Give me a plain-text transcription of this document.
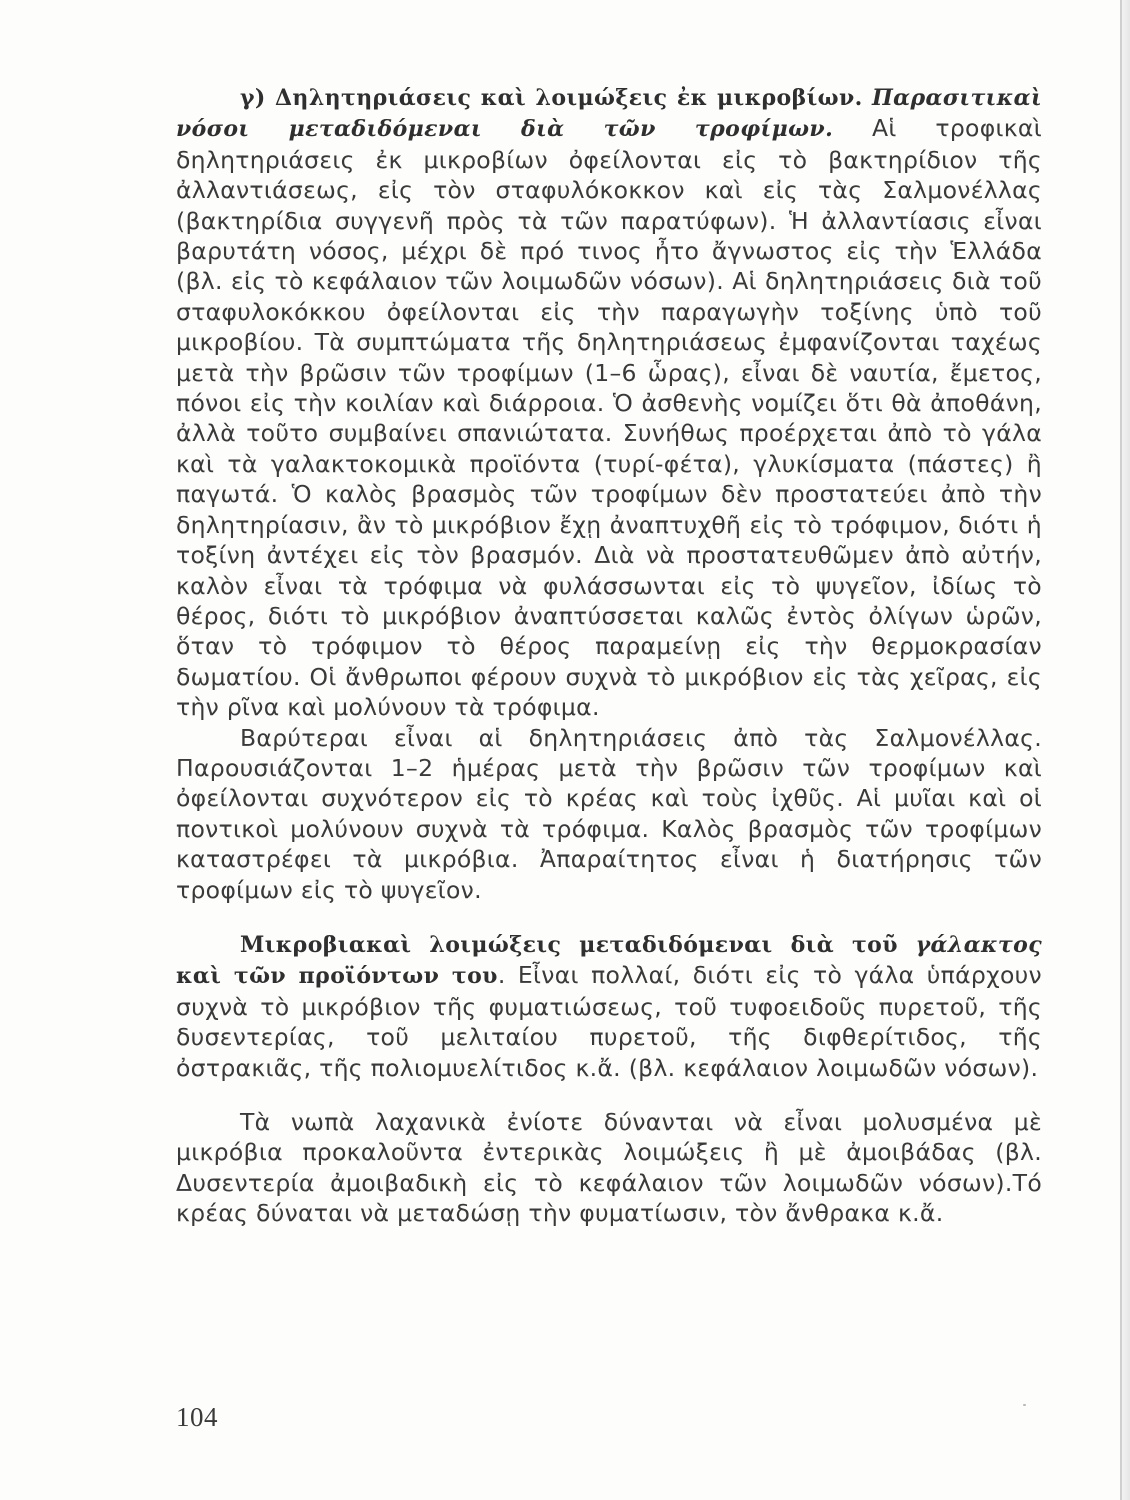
γ) Δηλητηριάσεις καὶ λοιμώξεις ἐκ μικροβίων. Παρασιτικαὶ νόσοι μεταδιδόμεναι διὰ τῶν τροφίμων. Αἱ τροφικαὶ δηλητηριάσεις ἐκ μικροβίων ὀφείλονται εἰς τὸ βακτηρίδιον τῆς ἀλλαντιάσεως, εἰς τὸν σταφυλόκοκκον καὶ εἰς τὰς Σαλμονέλλας (βακτηρίδια συγγενῆ πρὸς τὰ τῶν παρατύφων). Ἡ ἀλλαντίασις εἶναι βαρυτάτη νόσος, μέχρι δὲ πρό τινος ἦτο ἄγνωστος εἰς τὴν Ἑλλάδα (βλ. εἰς τὸ κεφάλαιον τῶν λοιμωδῶν νόσων). Αἱ δηλητηριάσεις διὰ τοῦ σταφυλοκόκκου ὀφείλονται εἰς τὴν παραγωγὴν τοξίνης ὑπὸ τοῦ μικροβίου. Τὰ συμπτώματα τῆς δηλητηριάσεως ἐμφανίζονται ταχέως μετὰ τὴν βρῶσιν τῶν τροφίμων (1–6 ὧρας), εἶναι δὲ ναυτία, ἔμετος, πόνοι εἰς τὴν κοιλίαν καὶ διάρροια. Ὁ ἀσθενὴς νομίζει ὅτι θὰ ἀποθάνη, ἀλλὰ τοῦτο συμβαίνει σπανιώτατα. Συνήθως προέρχεται ἀπὸ τὸ γάλα καὶ τὰ γαλακτοκομικὰ προϊόντα (τυρί-φέτα), γλυκίσματα (πάστες) ἢ παγωτά. Ὁ καλὸς βρασμὸς τῶν τροφίμων δὲν προστατεύει ἀπὸ τὴν δηλητηρίασιν, ἂν τὸ μικρόβιον ἔχῃ ἀναπτυχθῆ εἰς τὸ τρόφιμον, διότι ἡ τοξίνη ἀντέχει εἰς τὸν βρασμόν. Διὰ νὰ προστατευθῶμεν ἀπὸ αὐτήν, καλὸν εἶναι τὰ τρόφιμα νὰ φυλάσσωνται εἰς τὸ ψυγεῖον, ἰδίως τὸ θέρος, διότι τὸ μικρόβιον ἀναπτύσσεται καλῶς ἐντὸς ὀλίγων ὡρῶν, ὅταν τὸ τρόφιμον τὸ θέρος παραμείνῃ εἰς τὴν θερμοκρασίαν δωματίου. Οἱ ἄνθρωποι φέρουν συχνὰ τὸ μικρόβιον εἰς τὰς χεῖρας, εἰς τὴν ρῖνα καὶ μολύνουν τὰ τρόφιμα.

Βαρύτεραι εἶναι αἱ δηλητηριάσεις ἀπὸ τὰς Σαλμονέλλας. Παρουσιάζονται 1–2 ἡμέρας μετὰ τὴν βρῶσιν τῶν τροφίμων καὶ ὀφείλονται συχνότερον εἰς τὸ κρέας καὶ τοὺς ἰχθῦς. Αἱ μυῖαι καὶ οἱ ποντικοὶ μολύνουν συχνὰ τὰ τρόφιμα. Καλὸς βρασμὸς τῶν τροφίμων καταστρέφει τὰ μικρόβια. Ἀπαραίτητος εἶναι ἡ διατήρησις τῶν τροφίμων εἰς τὸ ψυγεῖον.

Μικροβιακαὶ λοιμώξεις μεταδιδόμεναι διὰ τοῦ γάλακτος καὶ τῶν προϊόντων του. Εἶναι πολλαί, διότι εἰς τὸ γάλα ὑπάρχουν συχνὰ τὸ μικρόβιον τῆς φυματιώσεως, τοῦ τυφοειδοῦς πυρετοῦ, τῆς δυσεντερίας, τοῦ μελιταίου πυρετοῦ, τῆς διφθερίτιδος, τῆς ὀστρακιᾶς, τῆς πολιομυελίτιδος κ.ἄ. (βλ. κεφάλαιον λοιμωδῶν νόσων).

Τὰ νωπὰ λαχανικὰ ἐνίοτε δύνανται νὰ εἶναι μολυσμένα μὲ μικρόβια προκαλοῦντα ἐντερικὰς λοιμώξεις ἢ μὲ ἀμοιβάδας (βλ. Δυσεντερία ἀμοιβαδικὴ εἰς τὸ κεφάλαιον τῶν λοιμωδῶν νόσων).Τό κρέας δύναται νὰ μεταδώσῃ τὴν φυματίωσιν, τὸν ἄνθρακα κ.ἄ.

104
